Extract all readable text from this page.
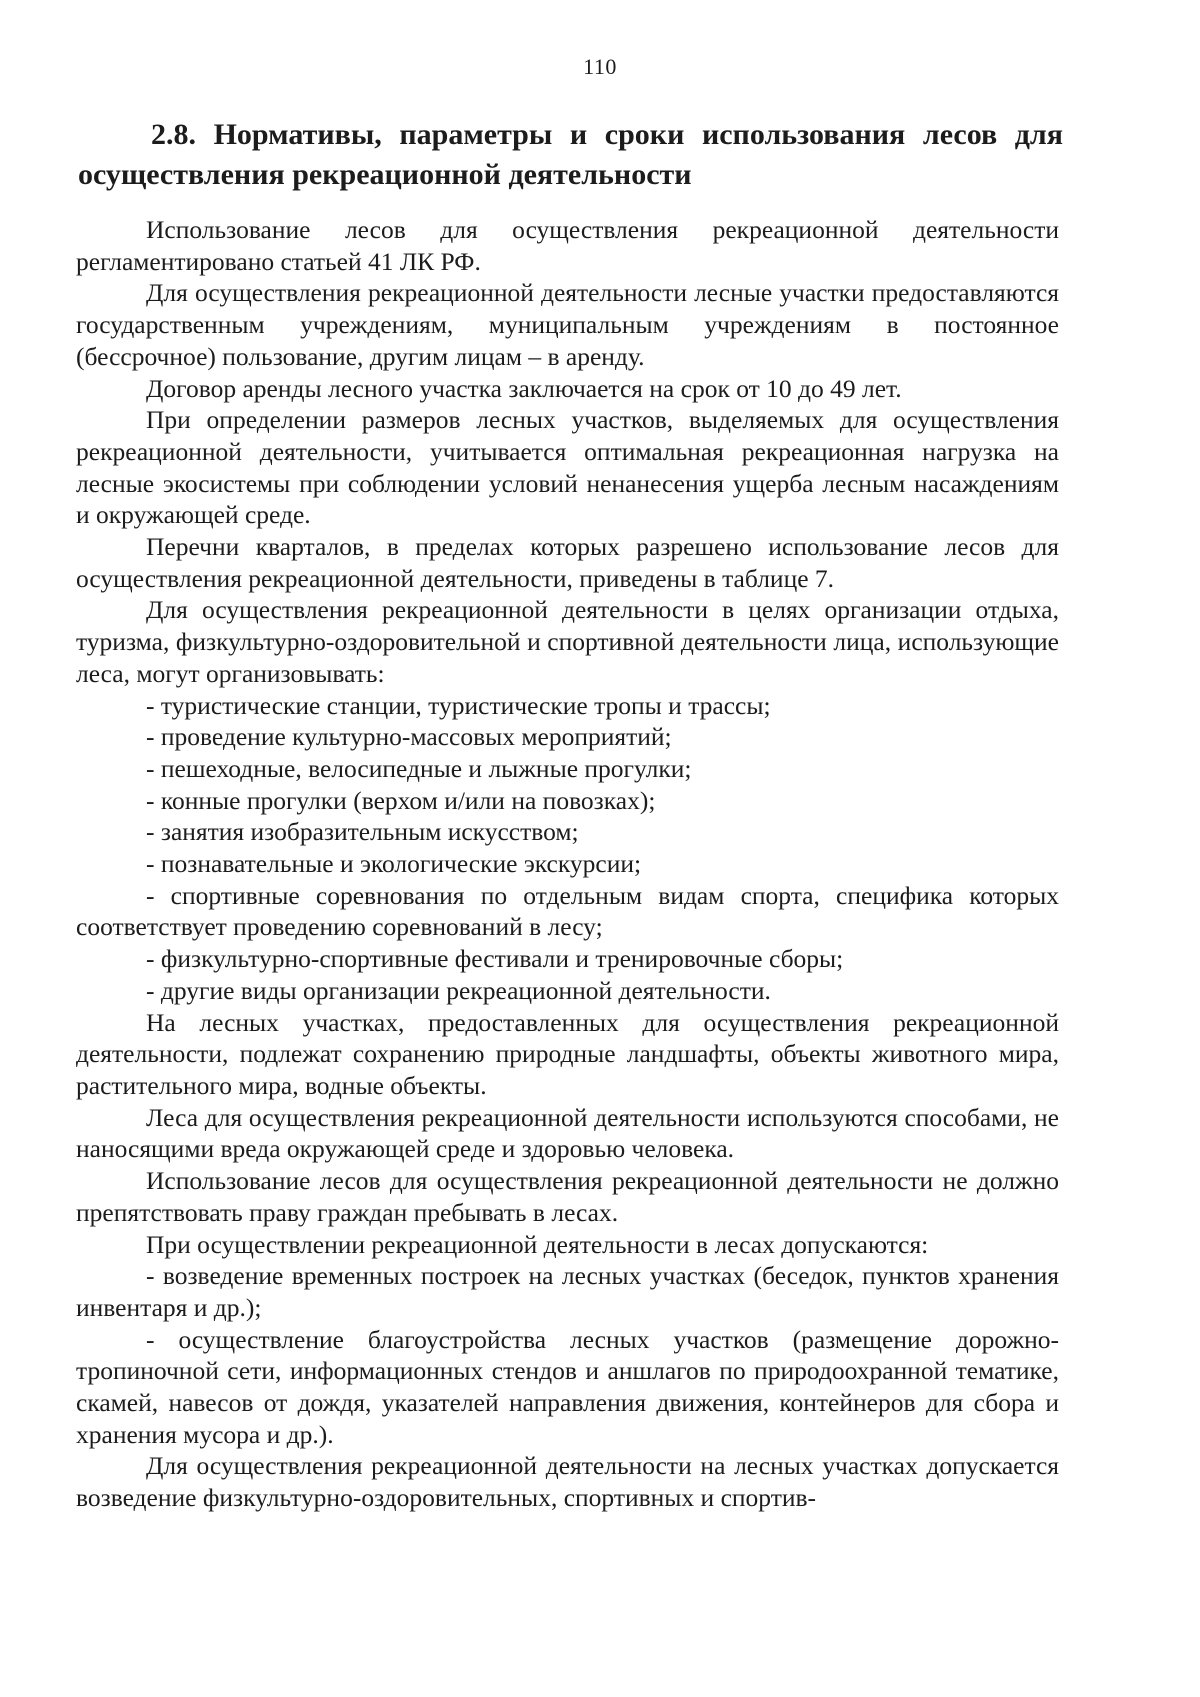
110
2.8. Нормативы, параметры и сроки использования лесов для осуществления рекреационной деятельности

Использование лесов для осуществления рекреационной деятельности регламентировано статьей 41 ЛК РФ.

Для осуществления рекреационной деятельности лесные участки предоставляются государственным учреждениям, муниципальным учреждениям в постоянное (бессрочное) пользование, другим лицам – в аренду.

Договор аренды лесного участка заключается на срок от 10 до 49 лет.

При определении размеров лесных участков, выделяемых для осуществления рекреационной деятельности, учитывается оптимальная рекреационная нагрузка на лесные экосистемы при соблюдении условий ненанесения ущерба лесным насаждениям и окружающей среде.

Перечни кварталов, в пределах которых разрешено использование лесов для осуществления рекреационной деятельности, приведены в таблице 7.

Для осуществления рекреационной деятельности в целях организации отдыха, туризма, физкультурно-оздоровительной и спортивной деятельности лица, использующие леса, могут организовывать:

- туристические станции, туристические тропы и трассы;

- проведение культурно-массовых мероприятий;

- пешеходные, велосипедные и лыжные прогулки;

- конные прогулки (верхом и/или на повозках);

- занятия изобразительным искусством;

- познавательные и экологические экскурсии;

- спортивные соревнования по отдельным видам спорта, специфика которых соответствует проведению соревнований в лесу;

- физкультурно-спортивные фестивали и тренировочные сборы;

- другие виды организации рекреационной деятельности.

На лесных участках, предоставленных для осуществления рекреационной деятельности, подлежат сохранению природные ландшафты, объекты животного мира, растительного мира, водные объекты.

Леса для осуществления рекреационной деятельности используются способами, не наносящими вреда окружающей среде и здоровью человека.

Использование лесов для осуществления рекреационной деятельности не должно препятствовать праву граждан пребывать в лесах.

При осуществлении рекреационной деятельности в лесах допускаются:

- возведение временных построек на лесных участках (беседок, пунктов хранения инвентаря и др.);

- осуществление благоустройства лесных участков (размещение дорожно-тропиночной сети, информационных стендов и аншлагов по природоохранной тематике, скамей, навесов от дождя, указателей направления движения, контейнеров для сбора и хранения мусора и др.).

Для осуществления рекреационной деятельности на лесных участках допускается возведение физкультурно-оздоровительных, спортивных и спортив-
